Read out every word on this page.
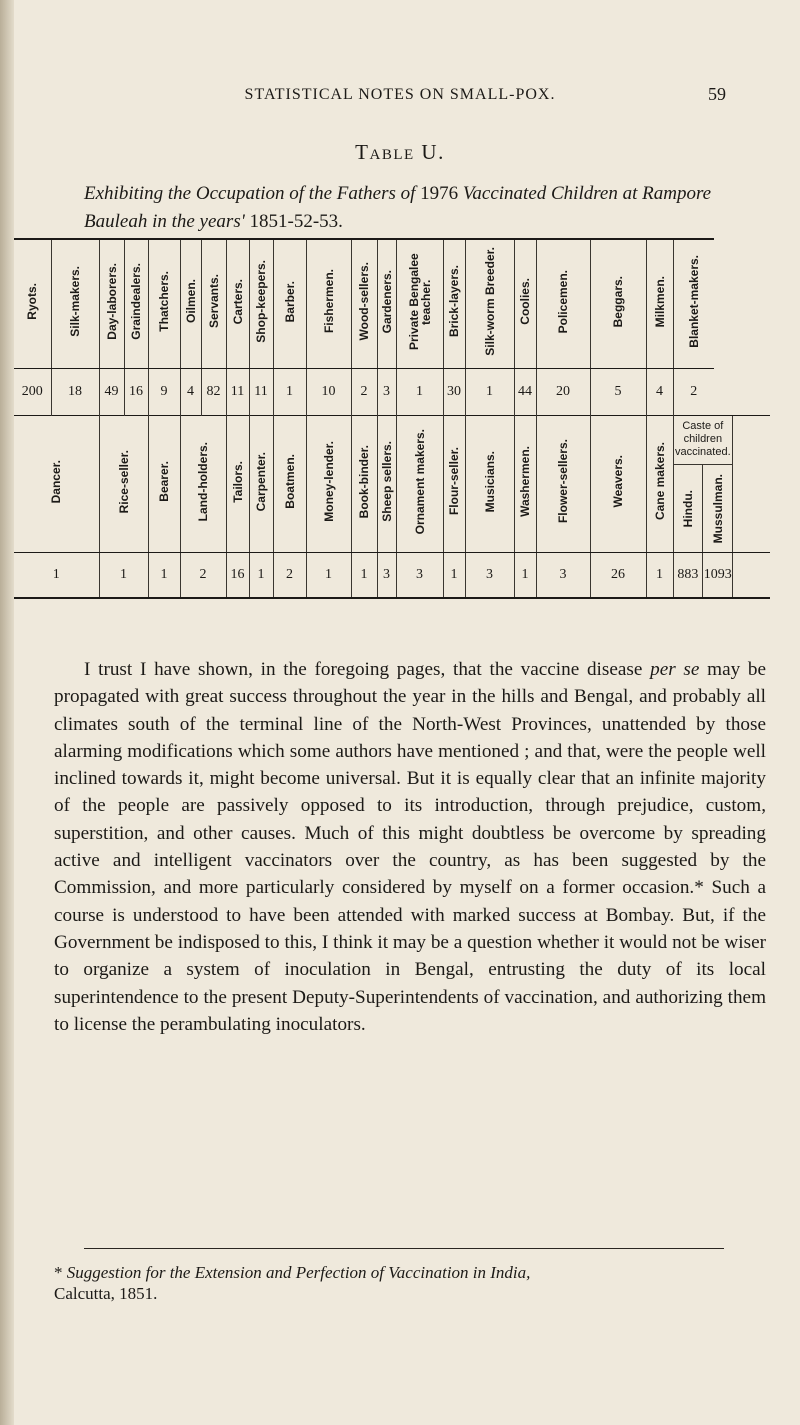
STATISTICAL NOTES ON SMALL-POX.	59
Table U.
Exhibiting the Occupation of the Fathers of 1976 Vaccinated Children at Rampore Bauleah in the years' 1851-52-53.
Ryots.	Silk-makers.	Day-laborers.	Graindealers.	Thatchers.	Oilmen.	Servants.	Carters.	Shop-keepers.	Barber.	Fishermen.	Wood-sellers.	Gardeners.	Private Bengalee teacher.	Brick-layers.	Silk-worm Breeder.	Coolies.	Policemen.	Beggars.	Milkmen.	Blanket-makers.	
200	18	49	16	9	4	82	11	11	1	10	2	3	1	30	1	44	20	5	4	2	
Dancer.		Rice-seller.		Bearer.	Land-holders.		Tailors.	Carpenter.	Boatmen.	Money-lender.	Book-binder.	Sheep sellers.	Ornament makers.	Flour-seller.	Musicians.	Washermen.	Flower-sellers.	Weavers.	Cane makers.	Caste of children vaccinated.
Hindu. Mussulman.	

1		1		1	2		16	1	2	1	1	3	3	1	3	1	3	26	1	883 1093	

I trust I have shown, in the foregoing pages, that the vaccine disease per se may be propagated with great success throughout the year in the hills and Bengal, and probably all climates south of the terminal line of the North-West Provinces, unattended by those alarming modifications which some authors have mentioned ; and that, were the people well inclined towards it, might become universal. But it is equally clear that an infinite majority of the people are passively opposed to its introduction, through prejudice, custom, superstition, and other causes. Much of this might doubtless be overcome by spreading active and intelligent vaccinators over the country, as has been suggested by the Commission, and more particularly considered by myself on a former occasion.* Such a course is understood to have been attended with marked success at Bombay. But, if the Government be indisposed to this, I think it may be a question whether it would not be wiser to organize a system of inoculation in Bengal, entrusting the duty of its local superintendence to the present Deputy-Superintendents of vaccination, and authorizing them to license the perambulating inoculators.

* Suggestion for the Extension and Perfection of Vaccination in India,
Calcutta, 1851.
